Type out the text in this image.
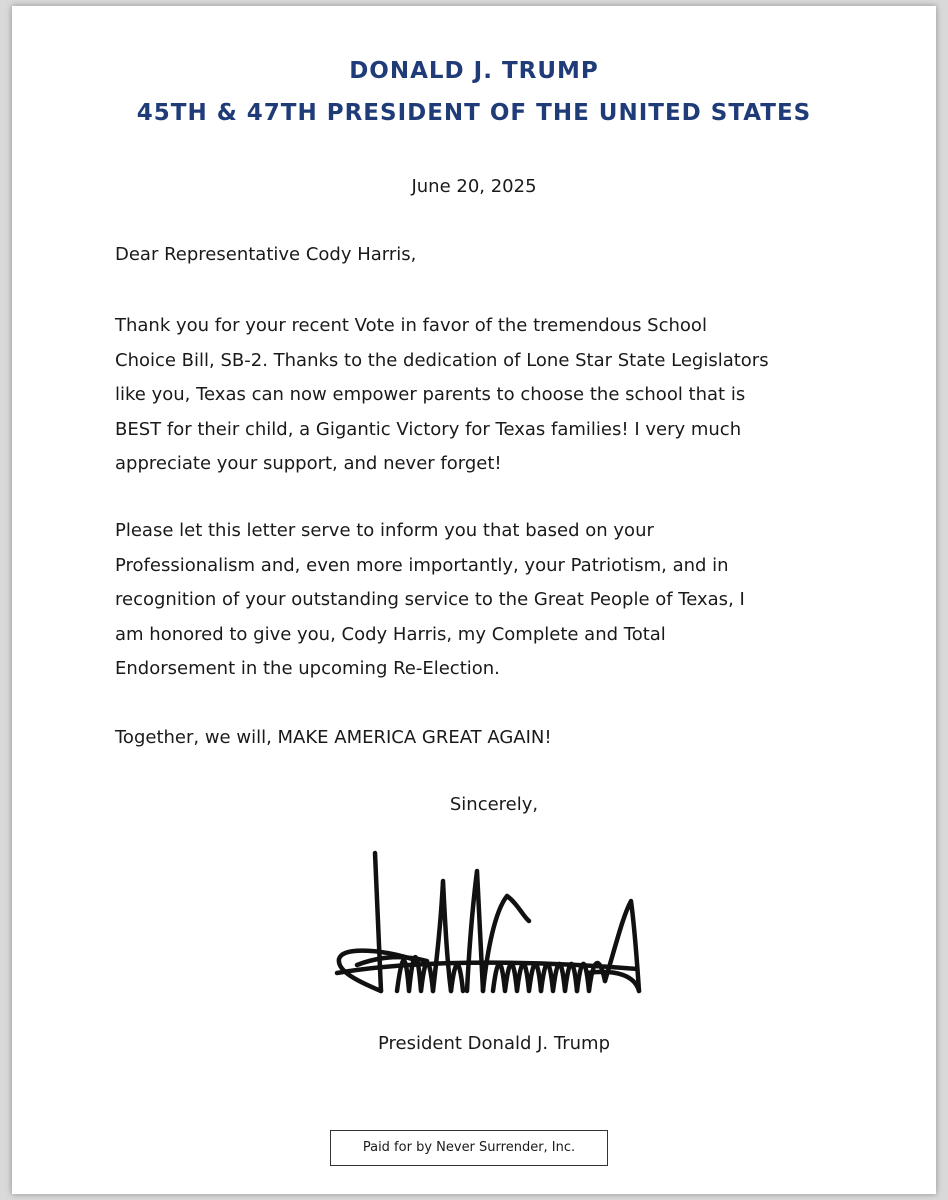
DONALD J. TRUMP
45TH & 47TH PRESIDENT OF THE UNITED STATES
June 20, 2025
Dear Representative Cody Harris,

Thank you for your recent Vote in favor of the tremendous School
Choice Bill, SB-2. Thanks to the dedication of Lone Star State Legislators
like you, Texas can now empower parents to choose the school that is
BEST for their child, a Gigantic Victory for Texas families! I very much
appreciate your support, and never forget!

Please let this letter serve to inform you that based on your
Professionalism and, even more importantly, your Patriotism, and in
recognition of your outstanding service to the Great People of Texas, I
am honored to give you, Cody Harris, my Complete and Total
Endorsement in the upcoming Re-Election.

Together, we will, MAKE AMERICA GREAT AGAIN!

Sincerely,
President Donald J. Trump
Paid for by Never Surrender, Inc.
